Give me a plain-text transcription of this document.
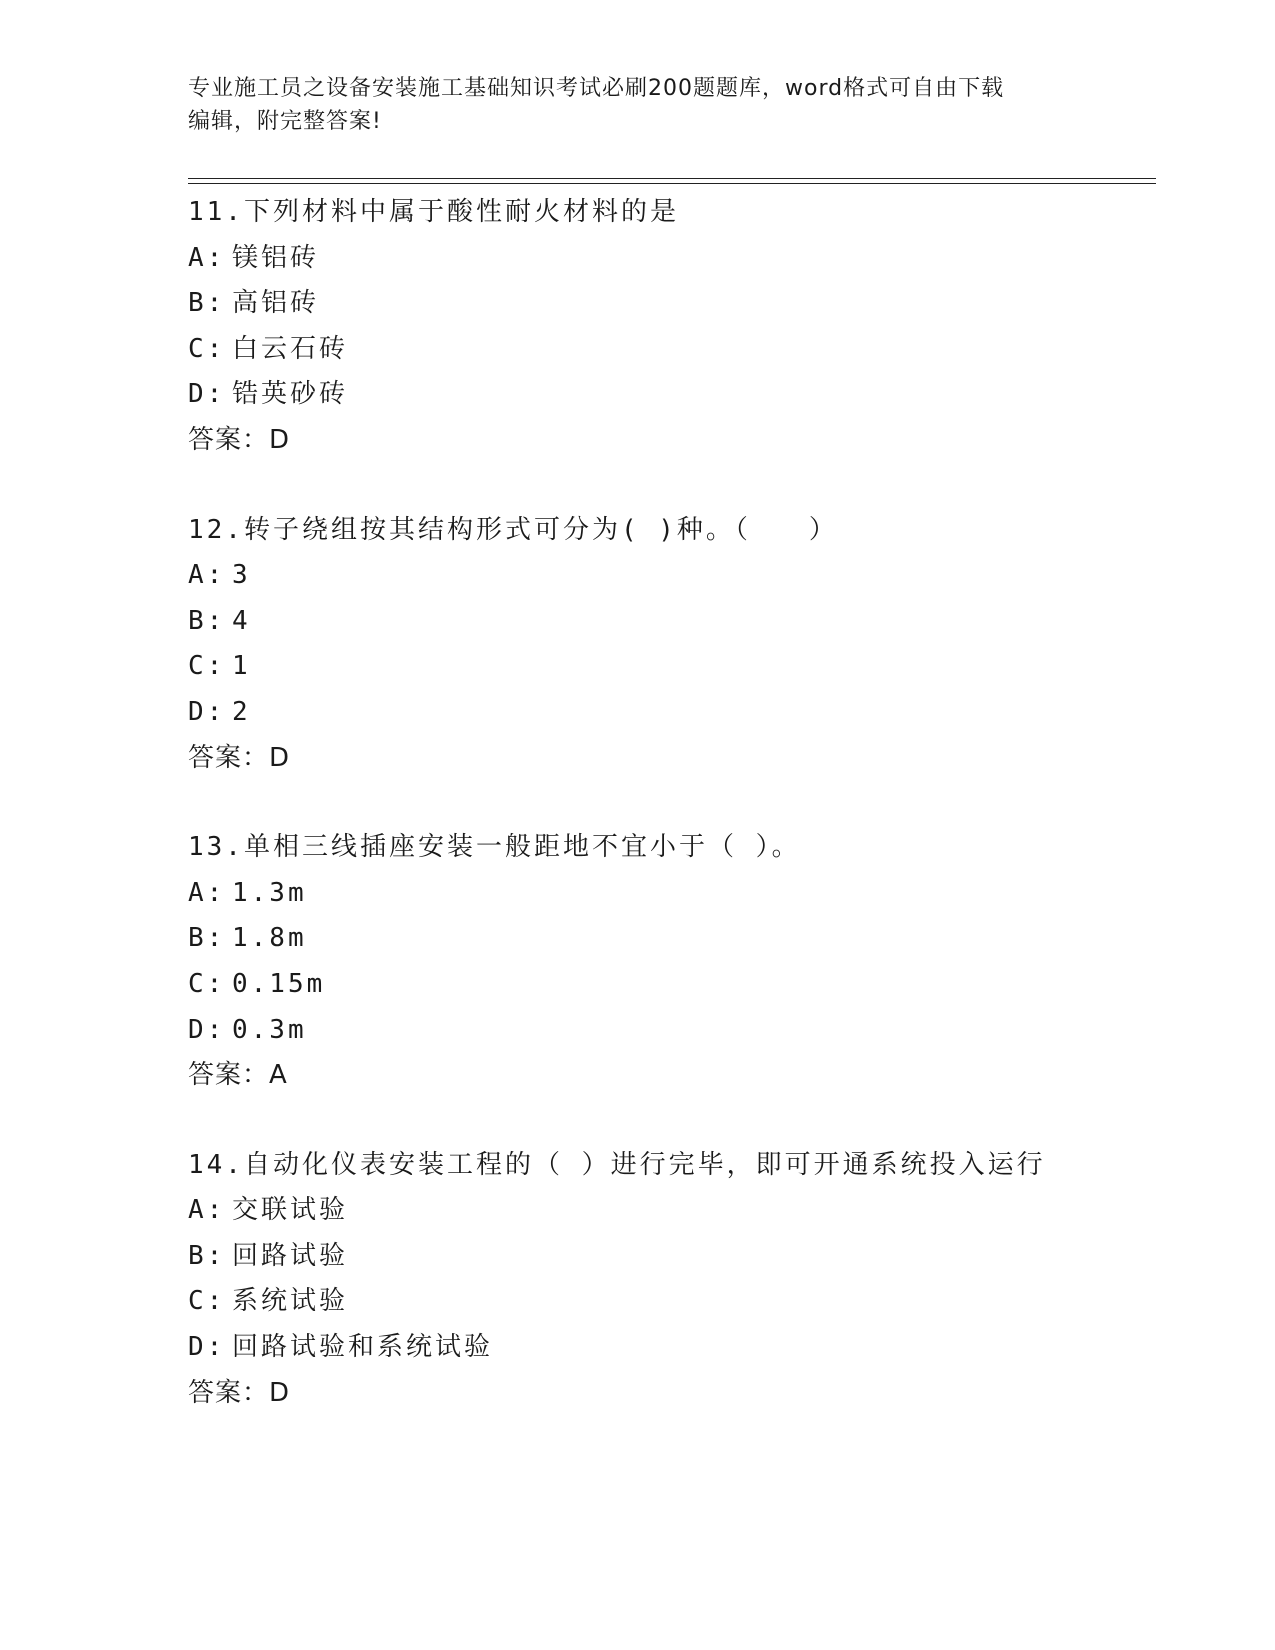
专业施工员之设备安装施工基础知识考试必刷200题题库，word格式可自由下载
编辑，附完整答案!
11.下列材料中属于酸性耐火材料的是
A: 镁铝砖
B: 高铝砖
C: 白云石砖
D: 锆英砂砖
答案：D
12.转子绕组按其结构形式可分为( )种。（　　）
A: 3
B: 4
C: 1
D: 2
答案：D
13.单相三线插座安装一般距地不宜小于（ ）。
A: 1.3m
B: 1.8m
C: 0.15m
D: 0.3m
答案：A
14.自动化仪表安装工程的（ ）进行完毕，即可开通系统投入运行
A: 交联试验
B: 回路试验
C: 系统试验
D: 回路试验和系统试验
答案：D
